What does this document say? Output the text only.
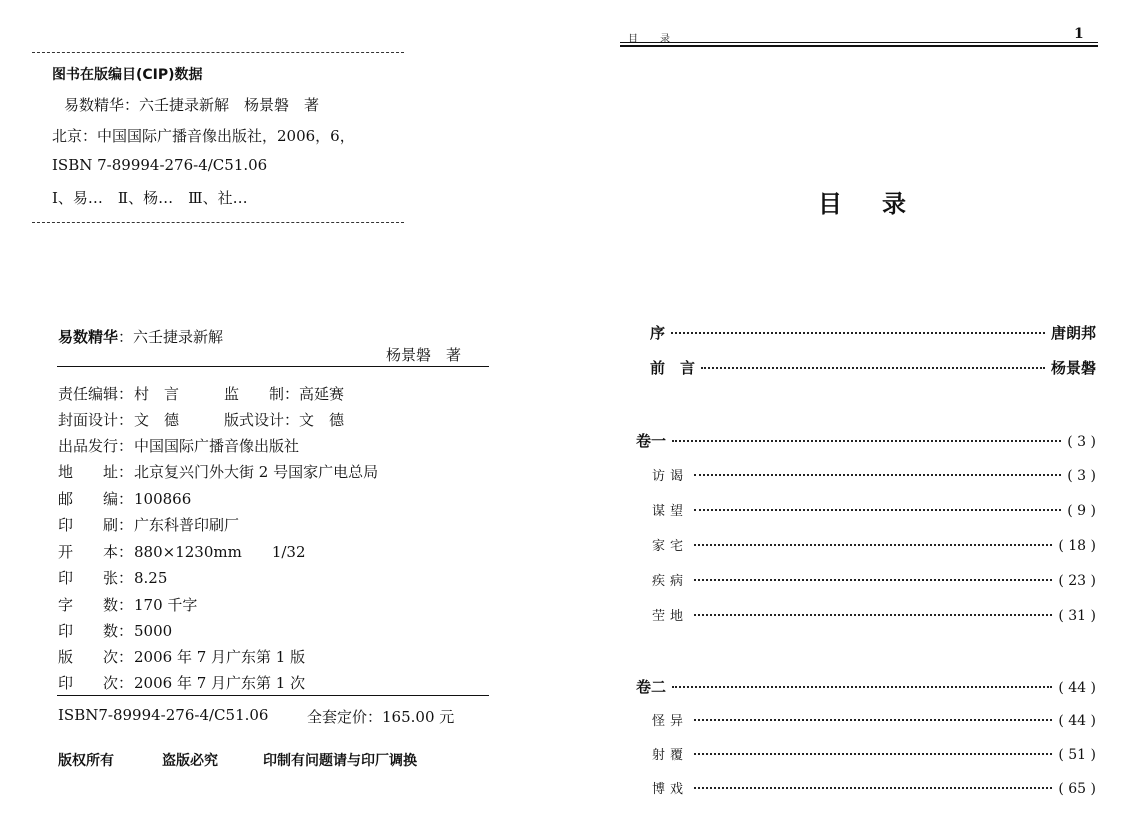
图书在版编目(CIP)数据
易数精华：六壬捷录新解　杨景磐　著
北京：中国国际广播音像出版社，2006，6，
ISBN 7-89994-276-4/C51.06
Ⅰ、易…　Ⅱ、杨…　Ⅲ、社…
易数精华：六壬捷录新解
杨景磐　著
责任编辑：村　言　　　监　　制：高延赛
封面设计：文　德　　　版式设计：文　德
出品发行：中国国际广播音像出版社
地　　址：北京复兴门外大街 2 号国家广电总局
邮　　编：100866
印　　刷：广东科普印刷厂
开　　本：880×1230mm　　1/32
印　　张：8.25
字　　数：170 千字
印　　数：5000
版　　次：2006 年 7 月广东第 1 版
印　　次：2006 年 7 月广东第 1 次
ISBN7-89994-276-4/C51.06	全套定价：165.00 元
版权所有	盗版必究	印制有问题请与印厂调换
目　录	1
目　录
序	唐朗邦
前　言	杨景磐
卷一	( 3 )
访谒	( 3 )
谋望	( 9 )
家宅	( 18 )
疾病	( 23 )
茔地	( 31 )
卷二	( 44 )
怪异	( 44 )
射覆	( 51 )
博戏	( 65 )
